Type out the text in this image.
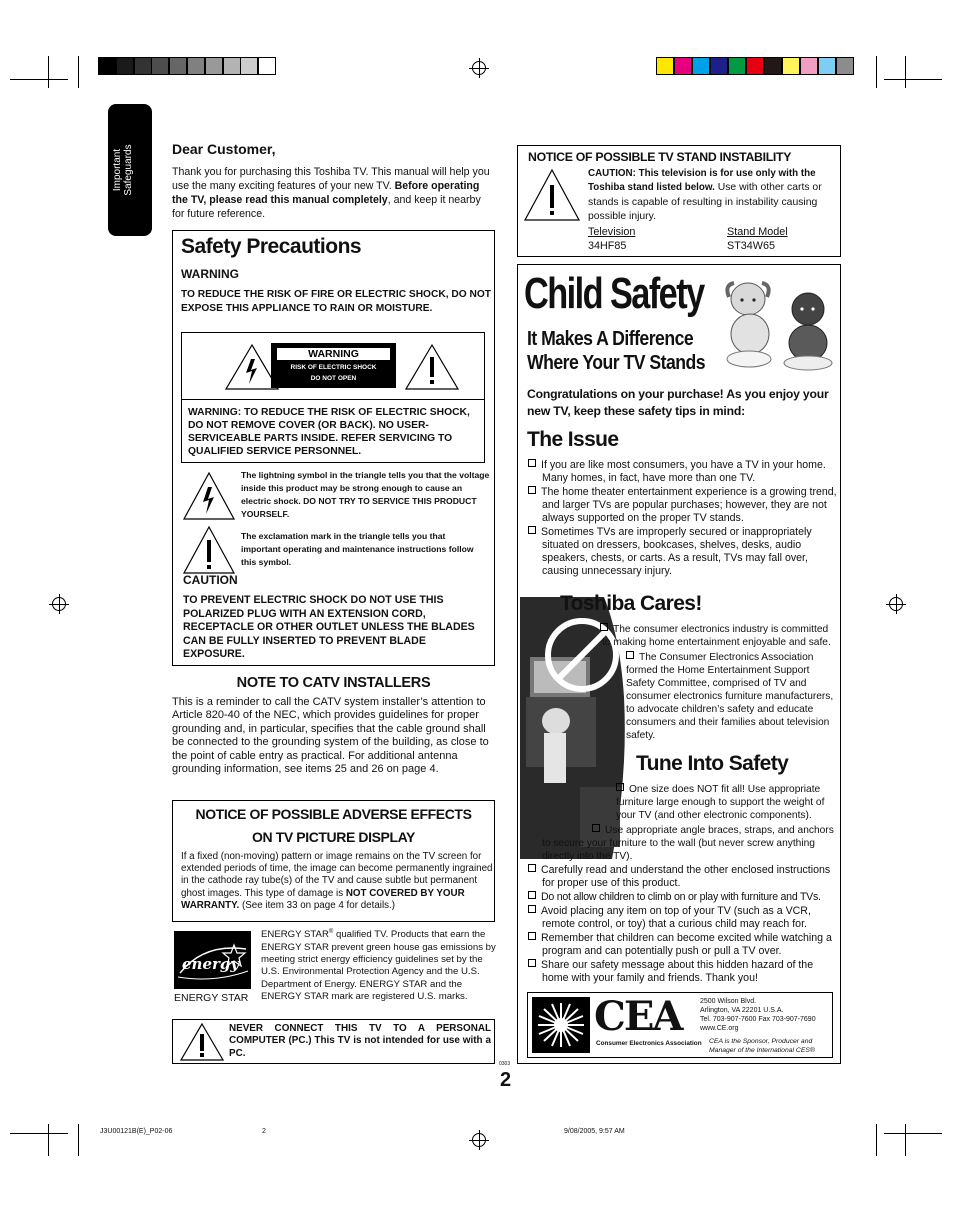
Important Safeguards	Dear Customer,
Thank you for purchasing this Toshiba TV. This manual will help you use the many exciting features of your new TV. Before operating the TV, please read this manual completely, and keep it nearby for future reference.
Safety Precautions
WARNING
TO REDUCE THE RISK OF FIRE OR ELECTRIC SHOCK, DO NOT EXPOSE THIS APPLIANCE TO RAIN OR MOISTURE.
WARNING
RISK OF ELECTRIC SHOCK
DO NOT OPEN
WARNING: TO REDUCE THE RISK OF ELECTRIC SHOCK, DO NOT REMOVE COVER (OR BACK). NO USER-SERVICEABLE PARTS INSIDE. REFER SERVICING TO QUALIFIED SERVICE PERSONNEL.
The lightning symbol in the triangle tells you that the voltage inside this product may be strong enough to cause an electric shock. DO NOT TRY TO SERVICE THIS PRODUCT YOURSELF.
The exclamation mark in the triangle tells you that important operating and maintenance instructions follow this symbol.
CAUTION
TO PREVENT ELECTRIC SHOCK DO NOT USE THIS POLARIZED PLUG WITH AN EXTENSION CORD, RECEPTACLE OR OTHER OUTLET UNLESS THE BLADES CAN BE FULLY INSERTED TO PREVENT BLADE EXPOSURE.
NOTE TO CATV INSTALLERS
This is a reminder to call the CATV system installer’s attention to Article 820-40 of the NEC, which provides guidelines for proper grounding and, in particular, specifies that the cable ground shall be connected to the grounding system of the building, as close to the point of cable entry as practical. For additional antenna grounding information, see items 25 and 26 on page 4.
NOTICE OF POSSIBLE ADVERSE EFFECTS
ON TV PICTURE DISPLAY
If a fixed (non-moving) pattern or image remains on the TV screen for extended periods of time, the image can become permanently ingrained in the cathode ray tube(s) of the TV and cause subtle but permanent ghost images. This type of damage is NOT COVERED BY YOUR WARRANTY. (See item 33 on page 4 for details.)
energy
ENERGY STAR
ENERGY STAR® qualified TV. Products that earn the ENERGY STAR prevent green house gas emissions by meeting strict energy efficiency guidelines set by the U.S. Environmental Protection Agency and the U.S. Department of Energy. ENERGY STAR and the ENERGY STAR mark are registered U.S. marks.
NEVER CONNECT THIS TV TO A PERSONAL COMPUTER (PC.) This TV is not intended for use with a PC.
0303
2
NOTICE OF POSSIBLE TV STAND INSTABILITY
CAUTION: This television is for use only with the Toshiba stand listed below. Use with other carts or stands is capable of resulting in instability causing possible injury.
Television	Stand Model
34HF85	ST34W65
Child Safety
It Makes A Difference
Where Your TV Stands
Congratulations on your purchase! As you enjoy your new TV, keep these safety tips in mind:
The Issue
If you are like most consumers, you have a TV in your home. Many homes, in fact, have more than one TV.
The home theater entertainment experience is a growing trend, and larger TVs are popular purchases; however, they are not always supported on the proper TV stands.
Sometimes TVs are improperly secured or inappropriately situated on dressers, bookcases, shelves, desks, audio speakers, chests, or carts. As a result, TVs may fall over, causing unnecessary injury.
Toshiba Cares!
The consumer electronics industry is committed to making home entertainment enjoyable and safe.
The Consumer Electronics Association formed the Home Entertainment Support Safety Committee, comprised of TV and consumer electronics furniture manufacturers, to advocate children’s safety and educate consumers and their families about television safety.
Tune Into Safety
One size does NOT fit all! Use appropriate furniture large enough to support the weight of your TV (and other electronic components).
Use appropriate angle braces, straps, and anchors to secure your furniture to the wall (but never screw anything directly into the TV).
Carefully read and understand the other enclosed instructions for proper use of this product.
Do not allow children to climb on or play with furniture and TVs.
Avoid placing any item on top of your TV (such as a VCR, remote control, or toy) that a curious child may reach for.
Remember that children can become excited while watching a program and can potentially push or pull a TV over.
Share our safety message about this hidden hazard of the home with your family and friends. Thank you!
CEA
Consumer Electronics Association
2500 Wilson Blvd.
Arlington, VA 22201 U.S.A.
Tel. 703-907-7600 Fax 703-907-7690
www.CE.org
CEA is the Sponsor, Producer and Manager of the International CES®
J3U00121B(E)_P02-06	2	9/08/2005, 9:57 AM
